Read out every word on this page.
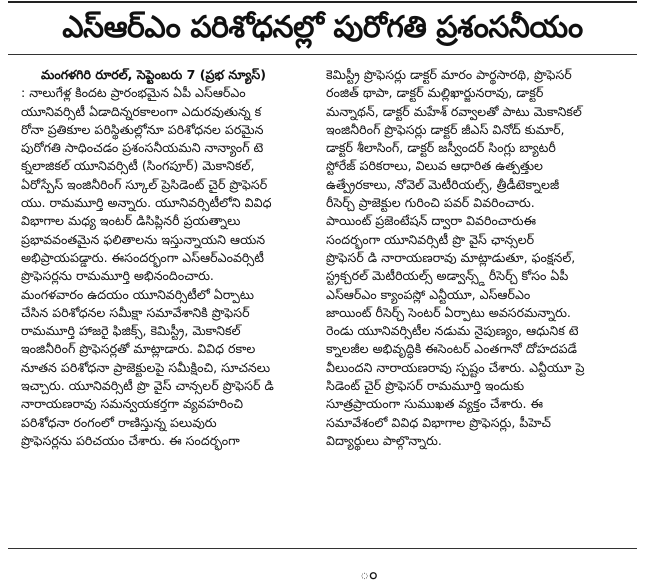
ఎస్ఆర్ఎం పరిశోధనల్లో పురోగతి ప్రశంసనీయం
మంగళగిరి రూరల్, సెప్టెంబరు 7 (ప్రభ న్యూస్)
: నాలుగేళ్ల కిందట ప్రారంభమైన ఏపీ ఎస్ఆర్ఎం
యూనివర్సిటీ ఏడాదిన్నరకాలంగా ఎదురవుతున్న క
రోనా ప్రతికూల పరిస్థితుల్లోనూ పరిశోధనల పరమైన
పురోగతి సాధించడం ప్రశంసనీయమని నాన్యాంగ్ టె
క్నలాజికల్ యూనివర్సిటీ (సింగపూర్) మెకానికల్,
ఏరోస్పేస్ ఇంజినీరింగ్ స్కూల్ ప్రెసిడెంట్ చైర్ ప్రొఫెసర్
యు. రామమూర్తి అన్నారు. యూనివర్సిటీలోని వివిధ
విభాగాల మధ్య ఇంటర్ డిసిప్లినరీ ప్రయత్నాలు
ప్రభావవంతమైన ఫలితాలను ఇస్తున్నాయని ఆయన
అభిప్రాయపడ్డారు. ఈసందర్భంగా ఎస్ఆర్ఎంవర్సిటీ
ప్రొఫెసర్లను రామమూర్తి అభినందించారు.
మంగళవారం ఉదయం యూనివర్సిటీలో ఏర్పాటు
చేసిన పరిశోధనల సమీక్షా సమావేశానికి ప్రొఫెసర్
రామమూర్తి హాజరై ఫిజిక్స్, కెమిస్ట్రీ, మెకానికల్
ఇంజినీరింగ్ ప్రొఫెసర్లతో మాట్లాడారు. వివిధ రకాల
నూతన పరిశోధనా ప్రాజెక్టులపై సమీక్షించి, సూచనలు
ఇచ్చారు. యూనివర్సిటీ ప్రొ వైస్ చాన్సలర్ ప్రొఫెసర్ డి
నారాయణరావు సమన్వయకర్తగా వ్యవహరించి
పరిశోధనా రంగంలో రాణిస్తున్న పలువురు
ప్రొఫెసర్లను పరిచయం చేశారు. ఈ సందర్భంగా
కెమిస్ట్రీ ప్రొఫెసర్లు డాక్టర్ మారం పార్థసారథి, ప్రొఫెసర్
రంజిత్ థాపా, డాక్టర్ మల్లిఖార్జునరావు, డాక్టర్
మన్నాథన్, డాక్టర్ మహేశ్ రవ్వాలతో పాటు మెకానికల్
ఇంజినీరింగ్ ప్రొఫెసర్లు డాక్టర్ జీఎస్ వినోద్ కుమార్,
డాక్టర్ శీలాసింగ్, డాక్టర్ జస్వీందర్ సింగ్లు బ్యాటరీ
స్టోరేజ్ పరికరాలు, విలువ ఆధారిత ఉత్పత్తుల
ఉత్ప్రేరకాలు, నోవెల్ మెటీరియల్స్, త్రీడీటెక్నాలజీ
రీసెర్చ్ ప్రాజెక్టుల గురించి పవర్ వివరించారు.
పాయింట్ ప్రజెంటేషన్ ద్వారా వివరించారుఈ
సందర్భంగా యూనివర్సిటీ ప్రొ వైస్ ఛాన్సలర్
ప్రొఫెసర్ డి నారాయణరావు మాట్లాడుతూ, ఫంక్షనల్,
స్ట్రక్చరల్ మెటీరియల్స్ అడ్వాన్స్డ్ రీసెర్చ్ కోసం ఏపీ
ఎస్ఆర్ఎం క్యాంపస్లో ఎన్టీయూ, ఎస్ఆర్ఎం
జాయింట్ రీసెర్చ్ సెంటర్ ఏర్పాటు అవసరమన్నారు.
రెండు యూనివర్సిటీల నడుమ నైపుణ్యం, ఆధునిక టె
క్నాలజీల అభివృద్ధికి ఈసెంటర్ ఎంతగానో దోహదపడే
వీలుందని నారాయణరావు స్పష్టం చేశారు. ఎన్టీయూ ప్రె
సిడెంట్ చైర్ ప్రొఫెసర్ రామమూర్తి ఇందుకు
సూత్రప్రాయంగా సుముఖత వ్యక్తం చేశారు. ఈ
సమావేశంలో వివిధ విభాగాల ప్రొఫెసర్లు, పీహెచ్
విద్యార్థులు పాల్గొన్నారు.
ం
